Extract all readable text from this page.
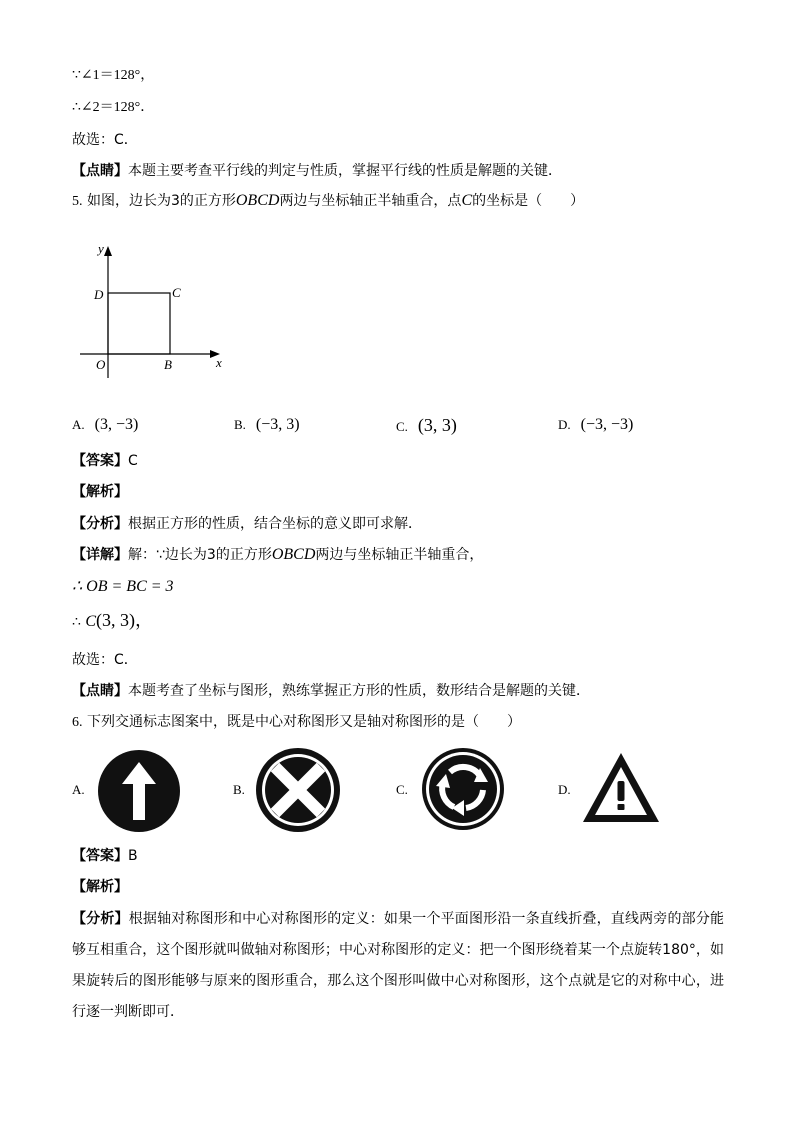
∵∠1＝128°，
∴∠2＝128°．
故选：C．
【点睛】本题主要考查平行线的判定与性质，掌握平行线的性质是解题的关键．
5. 如图，边长为3的正方形OBCD两边与坐标轴正半轴重合，点C的坐标是（　　）
y
x
O	B
C
D
A. (3, −3)	B. (−3, 3)	C. (3, 3)	D. (−3, −3)
【答案】C
【解析】
【分析】根据正方形的性质，结合坐标的意义即可求解．
【详解】解：∵边长为3的正方形OBCD两边与坐标轴正半轴重合，
∴ OB = BC = 3
∴ C(3, 3)，
故选：C．
【点睛】本题考查了坐标与图形，熟练掌握正方形的性质，数形结合是解题的关键．
6. 下列交通标志图案中，既是中心对称图形又是轴对称图形的是（　　）
A.	B.	C.	D.
【答案】B
【解析】
【分析】根据轴对称图形和中心对称图形的定义：如果一个平面图形沿一条直线折叠，直线两旁的部分能够互相重合，这个图形就叫做轴对称图形；中心对称图形的定义：把一个图形绕着某一个点旋转180°，如果旋转后的图形能够与原来的图形重合，那么这个图形叫做中心对称图形，这个点就是它的对称中心，进行逐一判断即可．
